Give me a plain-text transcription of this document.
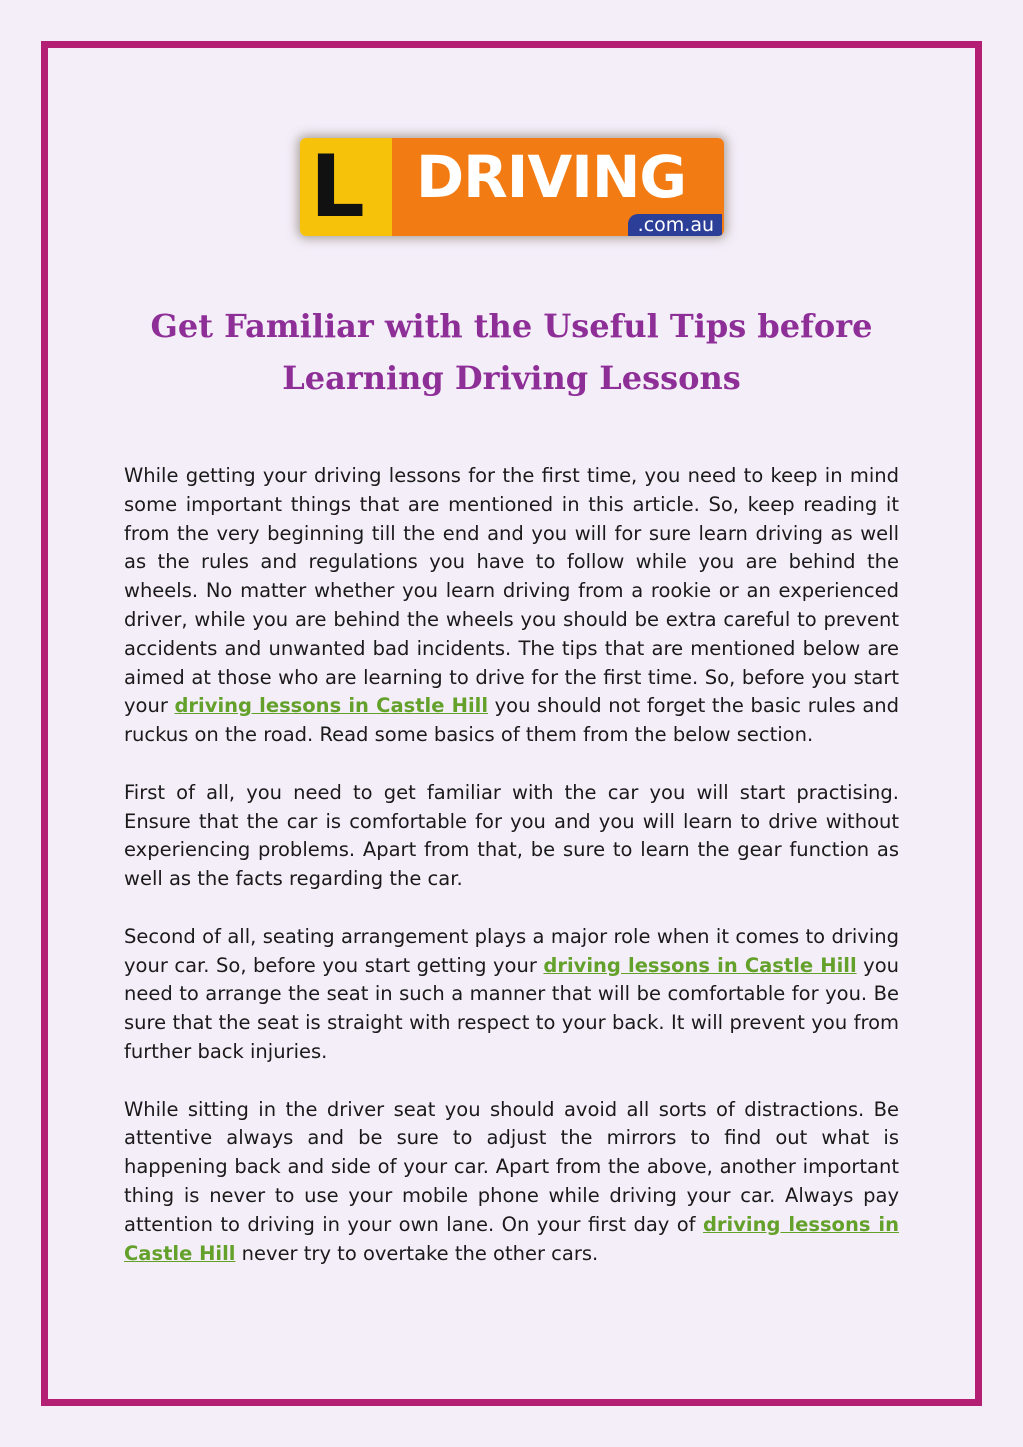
L DRIVING
.com.au
Get Familiar with the Useful Tips before
Learning Driving Lessons

While getting your driving lessons for the first time, you need to keep in mind some important things that are mentioned in this article. So, keep reading it from the very beginning till the end and you will for sure learn driving as well as the rules and regulations you have to follow while you are behind the wheels. No matter whether you learn driving from a rookie or an experienced driver, while you are behind the wheels you should be extra careful to prevent accidents and unwanted bad incidents. The tips that are mentioned below are aimed at those who are learning to drive for the first time. So, before you start your driving lessons in Castle Hill you should not forget the basic rules and ruckus on the road. Read some basics of them from the below section.

First of all, you need to get familiar with the car you will start practising. Ensure that the car is comfortable for you and you will learn to drive without experiencing problems. Apart from that, be sure to learn the gear function as well as the facts regarding the car.

Second of all, seating arrangement plays a major role when it comes to driving your car. So, before you start getting your driving lessons in Castle Hill you need to arrange the seat in such a manner that will be comfortable for you. Be sure that the seat is straight with respect to your back. It will prevent you from further back injuries.

While sitting in the driver seat you should avoid all sorts of distractions. Be attentive always and be sure to adjust the mirrors to find out what is happening back and side of your car. Apart from the above, another important thing is never to use your mobile phone while driving your car. Always pay attention to driving in your own lane. On your first day of driving lessons in Castle Hill never try to overtake the other cars.
